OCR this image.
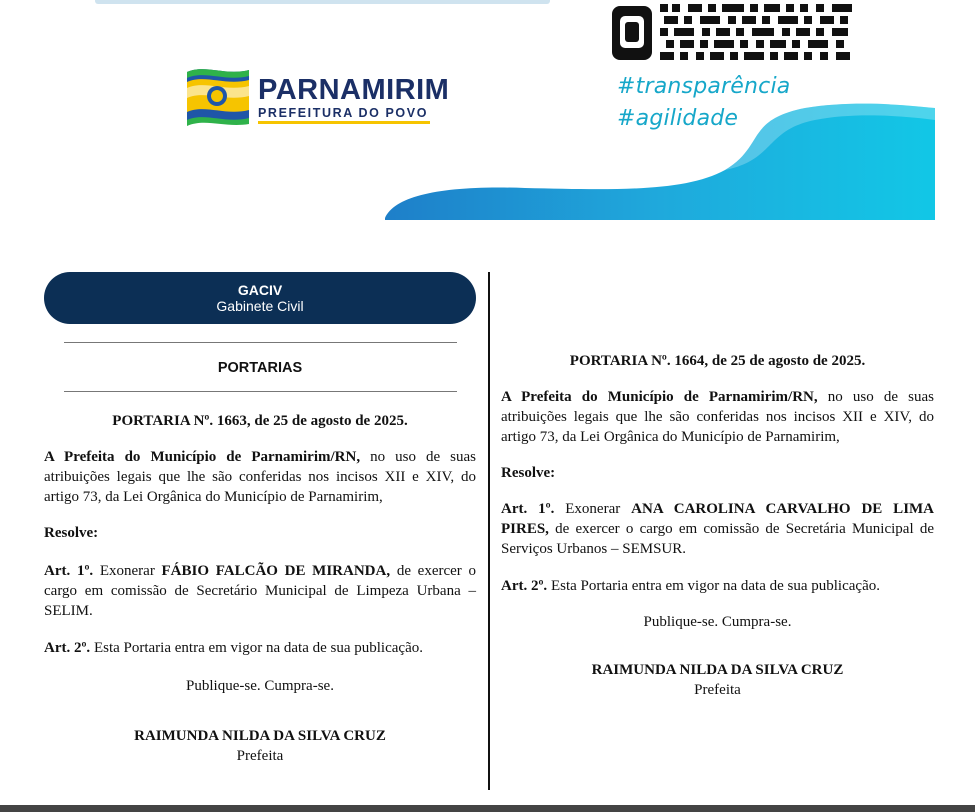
PARNAMIRIM
PREFEITURA DO POVO
#transparência
#agilidade
GACIV
Gabinete Civil
PORTARIAS

PORTARIA Nº. 1663, de 25 de agosto de 2025.

A Prefeita do Município de Parnamirim/RN, no uso de suas atribuições legais que lhe são conferidas nos incisos XII e XIV, do artigo 73, da Lei Orgânica do Município de Parnamirim,

Resolve:

Art. 1º. Exonerar FÁBIO FALCÃO DE MIRANDA, de exercer o cargo em comissão de Secretário Municipal de Limpeza Urbana – SELIM.

Art. 2º. Esta Portaria entra em vigor na data de sua publicação.

Publique-se. Cumpra-se.

RAIMUNDA NILDA DA SILVA CRUZ

Prefeita

PORTARIA Nº. 1664, de 25 de agosto de 2025.

A Prefeita do Município de Parnamirim/RN, no uso de suas atribuições legais que lhe são conferidas nos incisos XII e XIV, do artigo 73, da Lei Orgânica do Município de Parnamirim,

Resolve:

Art. 1º. Exonerar ANA CAROLINA CARVALHO DE LIMA PIRES, de exercer o cargo em comissão de Secretária Municipal de Serviços Urbanos – SEMSUR.

Art. 2º. Esta Portaria entra em vigor na data de sua publicação.

Publique-se. Cumpra-se.

RAIMUNDA NILDA DA SILVA CRUZ

Prefeita
